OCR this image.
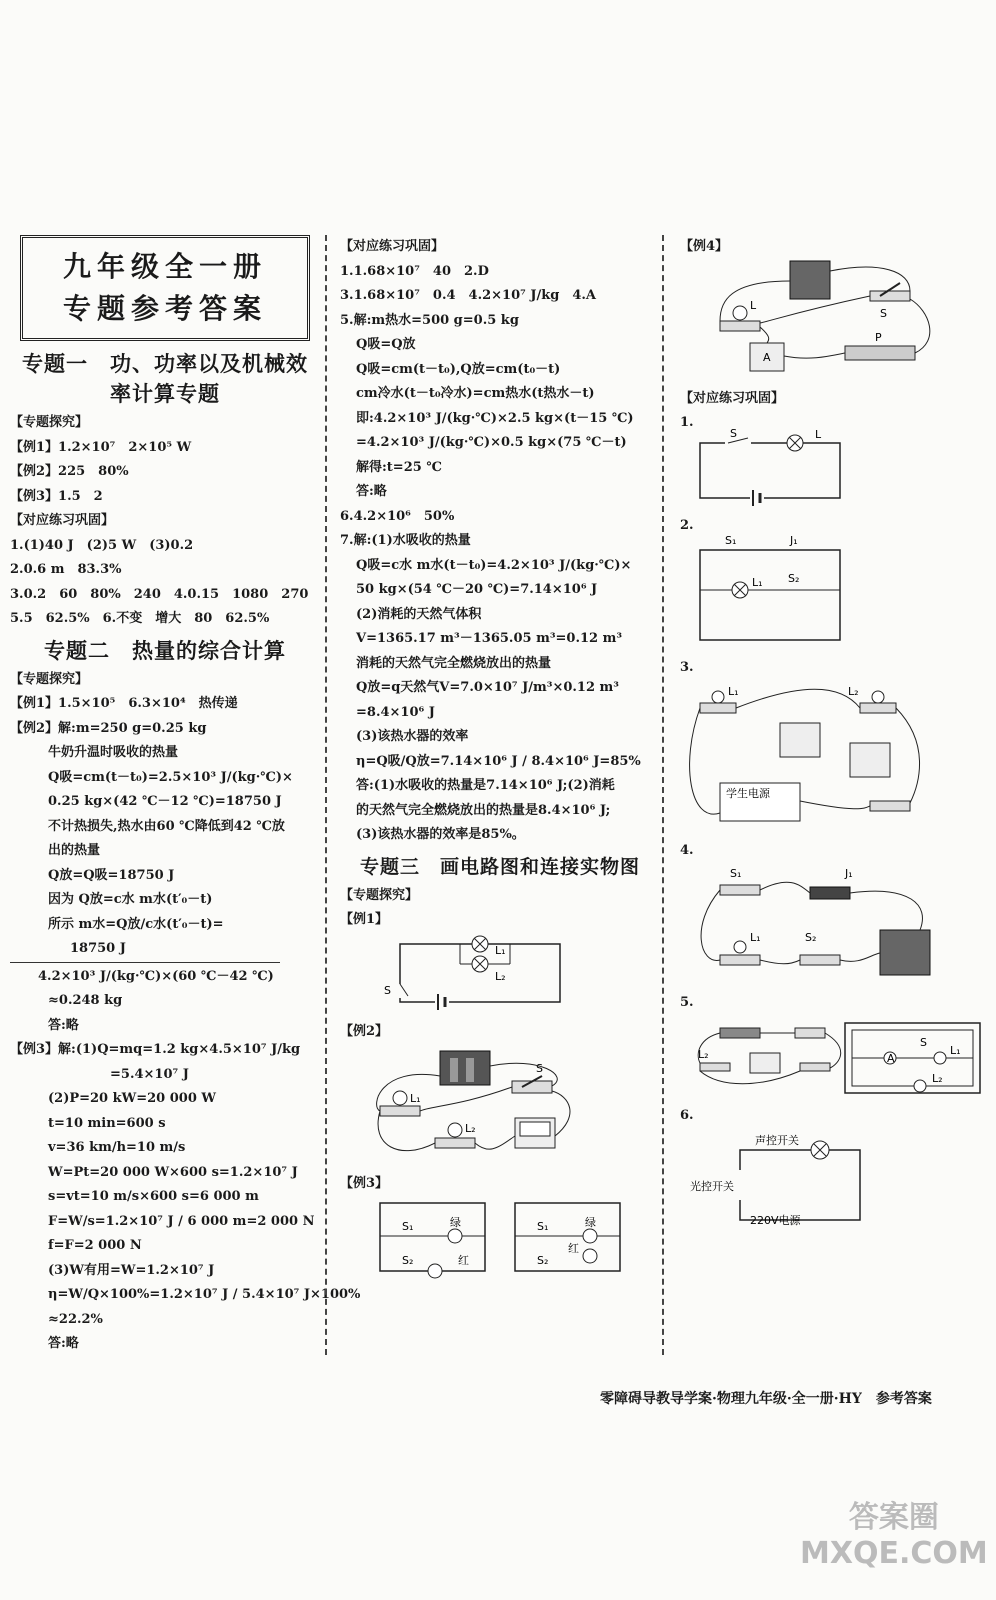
九年级全一册
专题参考答案
专题一　功、功率以及机械效
率计算专题
【专题探究】
【例1】1.2×10⁷　2×10⁵ W
【例2】225　80%
【例3】1.5　2
【对应练习巩固】
1.(1)40 J　(2)5 W　(3)0.2
2.0.6 m　83.3%
3.0.2　60　80%　240　4.0.15　1080　270
5.5　62.5%　6.不变　增大　80　62.5%
专题二　热量的综合计算
【专题探究】
【例1】1.5×10⁵　6.3×10⁴　热传递
【例2】解:m=250 g=0.25 kg
牛奶升温时吸收的热量
Q吸=cm(t－t₀)=2.5×10³ J/(kg·℃)×
0.25 kg×(42 ℃－12 ℃)=18750 J
不计热损失,热水由60 ℃降低到42 ℃放
出的热量
Q放=Q吸=18750 J
因为 Q放=c水 m水(t′₀－t)
所示 m水=Q放/c水(t′₀－t)=
18750 J
4.2×10³ J/(kg·℃)×(60 ℃－42 ℃)
≈0.248 kg
答:略
【例3】解:(1)Q=mq=1.2 kg×4.5×10⁷ J/kg
=5.4×10⁷ J
(2)P=20 kW=20 000 W
t=10 min=600 s
v=36 km/h=10 m/s
W=Pt=20 000 W×600 s=1.2×10⁷ J
s=vt=10 m/s×600 s=6 000 m
F=W/s=1.2×10⁷ J / 6 000 m=2 000 N
f=F=2 000 N
(3)W有用=W=1.2×10⁷ J
η=W/Q×100%=1.2×10⁷ J / 5.4×10⁷ J×100%
≈22.2%
答:略
【对应练习巩固】
1.1.68×10⁷　40　2.D
3.1.68×10⁷　0.4　4.2×10⁷ J/kg　4.A
5.解:m热水=500 g=0.5 kg
Q吸=Q放
Q吸=cm(t－t₀),Q放=cm(t₀－t)
cm冷水(t－t₀冷水)=cm热水(t热水－t)
即:4.2×10³ J/(kg·℃)×2.5 kg×(t－15 ℃)
=4.2×10³ J/(kg·℃)×0.5 kg×(75 ℃－t)
解得:t=25 ℃
答:略
6.4.2×10⁶　50%
7.解:(1)水吸收的热量
Q吸=c水 m水(t－t₀)=4.2×10³ J/(kg·℃)×
50 kg×(54 ℃－20 ℃)=7.14×10⁶ J
(2)消耗的天然气体积
V=1365.17 m³－1365.05 m³=0.12 m³
消耗的天然气完全燃烧放出的热量
Q放=q天然气V=7.0×10⁷ J/m³×0.12 m³
=8.4×10⁶ J
(3)该热水器的效率
η=Q吸/Q放=7.14×10⁶ J / 8.4×10⁶ J=85%
答:(1)水吸收的热量是7.14×10⁶ J;(2)消耗
的天然气完全燃烧放出的热量是8.4×10⁶ J;
(3)该热水器的效率是85%。
专题三　画电路图和连接实物图
【专题探究】
【例1】
L₁
L₂
S
【例2】
S
L₁
L₂
【例3】
S₁	绿
S₂	红
S₁	绿
S₂
红
【例4】
S
L
A
P
【对应练习巩固】
1.
S	L
2.
S₁	J₁
L₁ S₂
3.
L₁	L₂
学生电源
4.
S₁	J₁
L₁	S₂
5.
L₂
S
A
L₁
L₂
6.
声控开关
光控开关
220V电源
零障碍导教导学案·物理九年级·全一册·HY　参考答案
答案圈
MXQE.COM
